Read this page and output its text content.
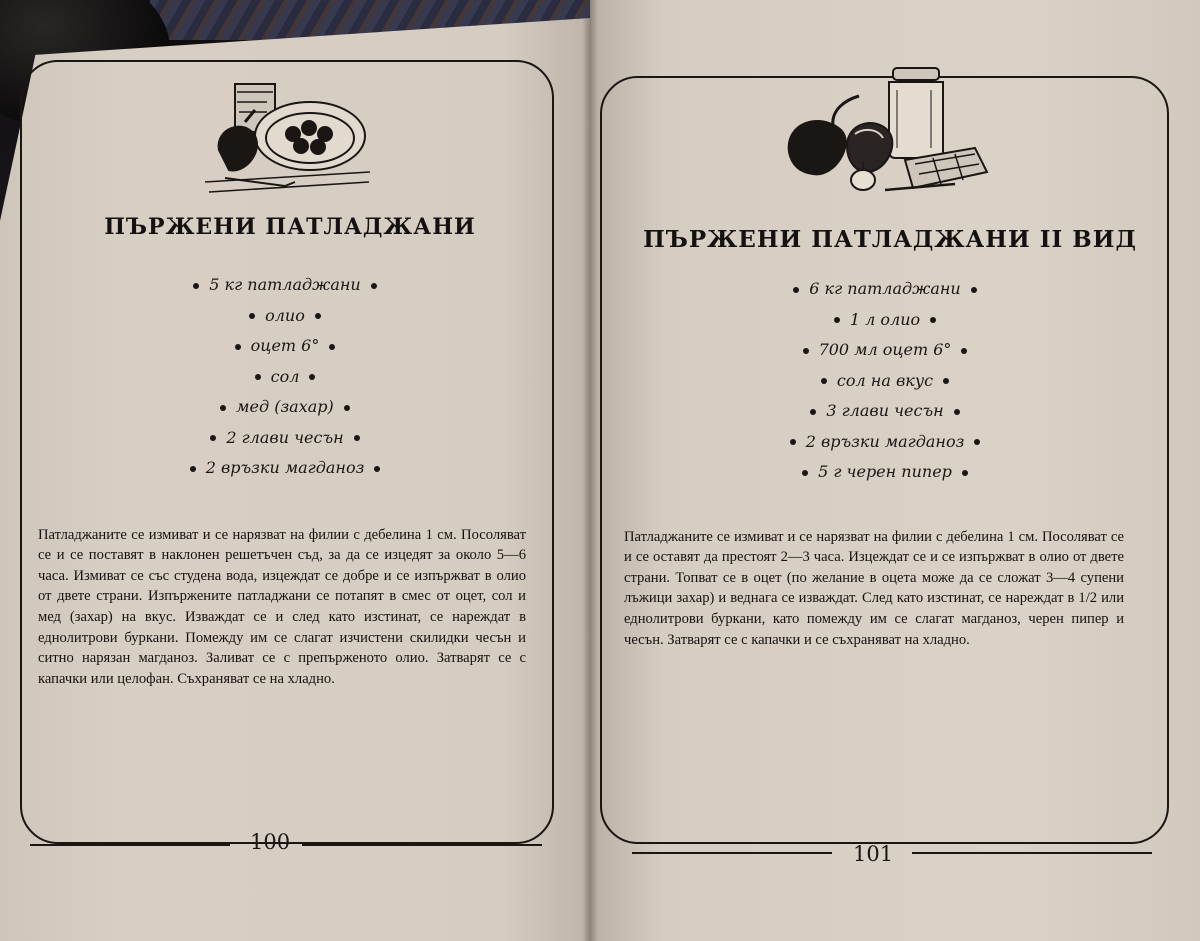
ПЪРЖЕНИ ПАТЛАДЖАНИ
5 кг патладжани
олио
оцет 6°
сол
мед (захар)
2 глави чесън
2 връзки магданоз

Патладжаните се измиват и се нарязват на филии с дебелина 1 см. Посоляват се и се поставят в наклонен решетъчен съд, за да се изцедят за около 5—6 часа. Измиват се със студена вода, изцеждат се добре и се изпържват в олио от двете страни. Изпържените патладжани се потапят в смес от оцет, сол и мед (захар) на вкус. Изваждат се и след като изстинат, се нареждат в еднолитрови буркани. Помежду им се слагат изчистени скилидки чесън и ситно нарязан магданоз. Заливат се с препърженото олио. Затварят се с капачки или целофан. Съхраняват се на хладно.

100
ПЪРЖЕНИ ПАТЛАДЖАНИ II ВИД
6 кг патладжани
1 л олио
700 мл оцет 6°
сол на вкус
3 глави чесън
2 връзки магданоз
5 г черен пипер

Патладжаните се измиват и се нарязват на филии с дебелина 1 см. Посоляват се и се оставят да престоят 2—3 часа. Изцеждат се и се изпържват в олио от двете страни. Топват се в оцет (по желание в оцета може да се сложат 3—4 супени лъжици захар) и веднага се изваждат. След като изстинат, се нареждат в 1/2 или еднолитрови буркани, като помежду им се слагат магданоз, черен пипер и чесън. Затварят се с капачки и се съхраняват на хладно.

101
